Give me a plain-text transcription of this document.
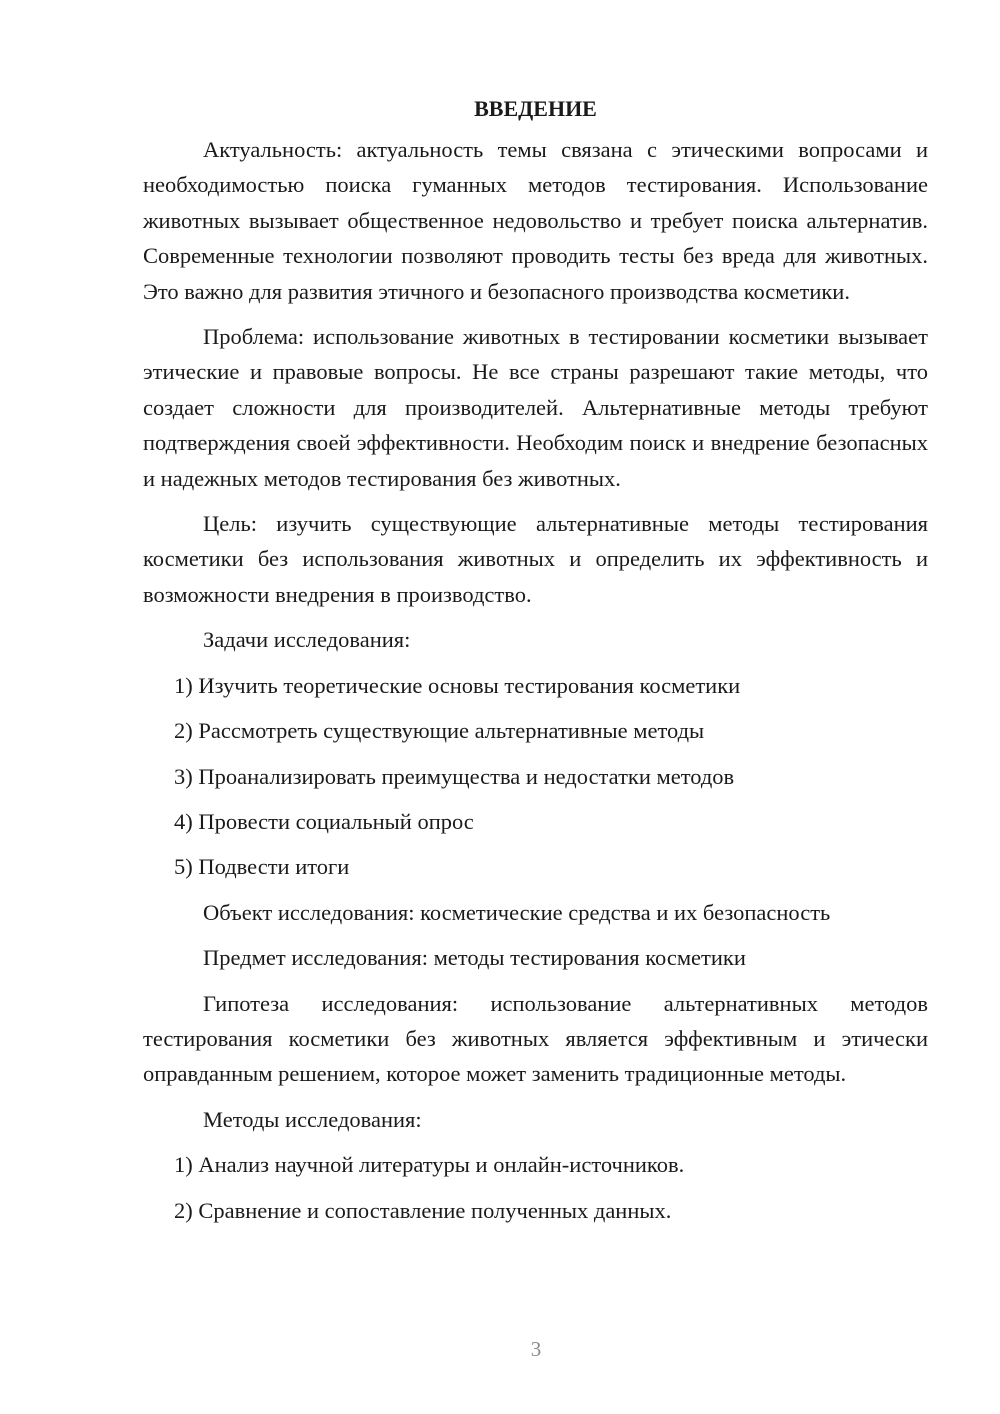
ВВЕДЕНИЕ

Актуальность: актуальность темы связана с этическими вопросами и необходимостью поиска гуманных методов тестирования. Использование животных вызывает общественное недовольство и требует поиска альтернатив. Современные технологии позволяют проводить тесты без вреда для животных. Это важно для развития этичного и безопасного производства косметики.

Проблема: использование животных в тестировании косметики вызывает этические и правовые вопросы. Не все страны разрешают такие методы, что создает сложности для производителей. Альтернативные методы требуют подтверждения своей эффективности. Необходим поиск и внедрение безопасных и надежных методов тестирования без животных.

Цель: изучить существующие альтернативные методы тестирования косметики без использования животных и определить их эффективность и возможности внедрения в производство.

Задачи исследования:

1) Изучить теоретические основы тестирования косметики

2) Рассмотреть существующие альтернативные методы

3) Проанализировать преимущества и недостатки методов

4) Провести социальный опрос

5) Подвести итоги

Объект исследования: косметические средства и их безопасность

Предмет исследования: методы тестирования косметики

Гипотеза исследования: использование альтернативных методов тестирования косметики без животных является эффективным и этически оправданным решением, которое может заменить традиционные методы.

Методы исследования:

1) Анализ научной литературы и онлайн-источников.

2) Сравнение и сопоставление полученных данных.

3
